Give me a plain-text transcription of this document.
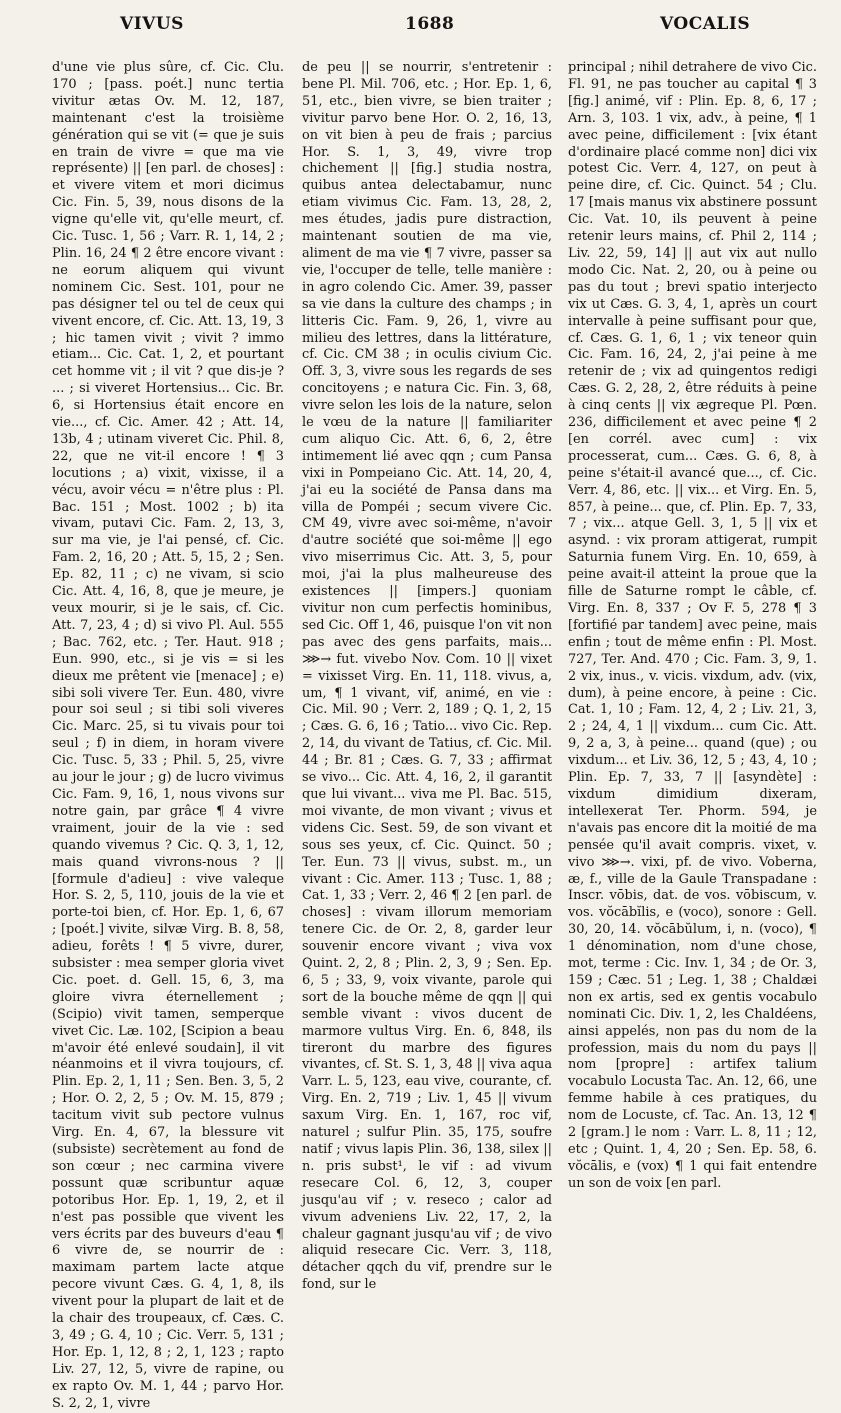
VIVUS	1688	VOCALIS

d'une vie plus sûre, cf. Cic. Clu. 170 ; [pass. poét.] nunc tertia vivitur ætas Ov. M. 12, 187, maintenant c'est la troisième génération qui se vit (= que je suis en train de vivre = que ma vie représente) || [en parl. de choses] : et vivere vitem et mori dicimus Cic. Fin. 5, 39, nous disons de la vigne qu'elle vit, qu'elle meurt, cf. Cic. Tusc. 1, 56 ; Varr. R. 1, 14, 2 ; Plin. 16, 24 ¶ 2 être encore vivant : ne eorum aliquem qui vivunt nominem Cic. Sest. 101, pour ne pas désigner tel ou tel de ceux qui vivent encore, cf. Cic. Att. 13, 19, 3 ; hic tamen vivit ; vivit ? immo etiam... Cic. Cat. 1, 2, et pourtant cet homme vit ; il vit ? que dis-je ? ... ; si viveret Hortensius... Cic. Br. 6, si Hortensius était encore en vie..., cf. Cic. Amer. 42 ; Att. 14, 13b, 4 ; utinam viveret Cic. Phil. 8, 22, que ne vit-il encore ! ¶ 3 locutions ; a) vixit, vixisse, il a vécu, avoir vécu = n'être plus : Pl. Bac. 151 ; Most. 1002 ; b) ita vivam, putavi Cic. Fam. 2, 13, 3, sur ma vie, je l'ai pensé, cf. Cic. Fam. 2, 16, 20 ; Att. 5, 15, 2 ; Sen. Ep. 82, 11 ; c) ne vivam, si scio Cic. Att. 4, 16, 8, que je meure, je veux mourir, si je le sais, cf. Cic. Att. 7, 23, 4 ; d) si vivo Pl. Aul. 555 ; Bac. 762, etc. ; Ter. Haut. 918 ; Eun. 990, etc., si je vis = si les dieux me prêtent vie [menace] ; e) sibi soli vivere Ter. Eun. 480, vivre pour soi seul ; si tibi soli viveres Cic. Marc. 25, si tu vivais pour toi seul ; f) in diem, in horam vivere Cic. Tusc. 5, 33 ; Phil. 5, 25, vivre au jour le jour ; g) de lucro vivimus Cic. Fam. 9, 16, 1, nous vivons sur notre gain, par grâce ¶ 4 vivre vraiment, jouir de la vie : sed quando vivemus ? Cic. Q. 3, 1, 12, mais quand vivrons-nous ? || [formule d'adieu] : vive valeque Hor. S. 2, 5, 110, jouis de la vie et porte-toi bien, cf. Hor. Ep. 1, 6, 67 ; [poét.] vivite, silvæ Virg. B. 8, 58, adieu, forêts ! ¶ 5 vivre, durer, subsister : mea semper gloria vivet Cic. poet. d. Gell. 15, 6, 3, ma gloire vivra éternellement ; (Scipio) vivit tamen, semperque vivet Cic. Læ. 102, [Scipion a beau m'avoir été enlevé soudain], il vit néanmoins et il vivra toujours, cf. Plin. Ep. 2, 1, 11 ; Sen. Ben. 3, 5, 2 ; Hor. O. 2, 2, 5 ; Ov. M. 15, 879 ; tacitum vivit sub pectore vulnus Virg. En. 4, 67, la blessure vit (subsiste) secrètement au fond de son cœur ; nec carmina vivere possunt quæ scribuntur aquæ potoribus Hor. Ep. 1, 19, 2, et il n'est pas possible que vivent les vers écrits par des buveurs d'eau ¶ 6 vivre de, se nourrir de : maximam partem lacte atque pecore vivunt Cæs. G. 4, 1, 8, ils vivent pour la plupart de lait et de la chair des troupeaux, cf. Cæs. C. 3, 49 ; G. 4, 10 ; Cic. Verr. 5, 131 ; Hor. Ep. 1, 12, 8 ; 2, 1, 123 ; rapto Liv. 27, 12, 5, vivre de rapine, ou ex rapto Ov. M. 1, 44 ; parvo Hor. S. 2, 2, 1, vivre

de peu || se nourrir, s'entretenir : bene Pl. Mil. 706, etc. ; Hor. Ep. 1, 6, 51, etc., bien vivre, se bien traiter ; vivitur parvo bene Hor. O. 2, 16, 13, on vit bien à peu de frais ; parcius Hor. S. 1, 3, 49, vivre trop chichement || [fig.] studia nostra, quibus antea delectabamur, nunc etiam vivimus Cic. Fam. 13, 28, 2, mes études, jadis pure distraction, maintenant soutien de ma vie, aliment de ma vie ¶ 7 vivre, passer sa vie, l'occuper de telle, telle manière : in agro colendo Cic. Amer. 39, passer sa vie dans la culture des champs ; in litteris Cic. Fam. 9, 26, 1, vivre au milieu des lettres, dans la littérature, cf. Cic. CM 38 ; in oculis civium Cic. Off. 3, 3, vivre sous les regards de ses concitoyens ; e natura Cic. Fin. 3, 68, vivre selon les lois de la nature, selon le vœu de la nature || familiariter cum aliquo Cic. Att. 6, 6, 2, être intimement lié avec qqn ; cum Pansa vixi in Pompeiano Cic. Att. 14, 20, 4, j'ai eu la société de Pansa dans ma villa de Pompéi ; secum vivere Cic. CM 49, vivre avec soi-même, n'avoir d'autre société que soi-même || ego vivo miserrimus Cic. Att. 3, 5, pour moi, j'ai la plus malheureuse des existences || [impers.] quoniam vivitur non cum perfectis hominibus, sed Cic. Off 1, 46, puisque l'on vit non pas avec des gens parfaits, mais... ⋙→ fut. vivebo Nov. Com. 10 || vixet = vixisset Virg. En. 11, 118. vivus, a, um, ¶ 1 vivant, vif, animé, en vie : Cic. Mil. 90 ; Verr. 2, 189 ; Q. 1, 2, 15 ; Cæs. G. 6, 16 ; Tatio... vivo Cic. Rep. 2, 14, du vivant de Tatius, cf. Cic. Mil. 44 ; Br. 81 ; Cæs. G. 7, 33 ; affirmat se vivo... Cic. Att. 4, 16, 2, il garantit que lui vivant... viva me Pl. Bac. 515, moi vivante, de mon vivant ; vivus et videns Cic. Sest. 59, de son vivant et sous ses yeux, cf. Cic. Quinct. 50 ; Ter. Eun. 73 || vivus, subst. m., un vivant : Cic. Amer. 113 ; Tusc. 1, 88 ; Cat. 1, 33 ; Verr. 2, 46 ¶ 2 [en parl. de choses] : vivam illorum memoriam tenere Cic. de Or. 2, 8, garder leur souvenir encore vivant ; viva vox Quint. 2, 2, 8 ; Plin. 2, 3, 9 ; Sen. Ep. 6, 5 ; 33, 9, voix vivante, parole qui sort de la bouche même de qqn || qui semble vivant : vivos ducent de marmore vultus Virg. En. 6, 848, ils tireront du marbre des figures vivantes, cf. St. S. 1, 3, 48 || viva aqua Varr. L. 5, 123, eau vive, courante, cf. Virg. En. 2, 719 ; Liv. 1, 45 || vivum saxum Virg. En. 1, 167, roc vif, naturel ; sulfur Plin. 35, 175, soufre natif ; vivus lapis Plin. 36, 138, silex || n. pris subst¹, le vif : ad vivum resecare Col. 6, 12, 3, couper jusqu'au vif ; v. reseco ; calor ad vivum adveniens Liv. 22, 17, 2, la chaleur gagnant jusqu'au vif ; de vivo aliquid resecare Cic. Verr. 3, 118, détacher qqch du vif, prendre sur le fond, sur le

principal ; nihil detrahere de vivo Cic. Fl. 91, ne pas toucher au capital ¶ 3 [fig.] animé, vif : Plin. Ep. 8, 6, 17 ; Arn. 3, 103. 1 vix, adv., à peine, ¶ 1 avec peine, difficilement : [vix étant d'ordinaire placé comme non] dici vix potest Cic. Verr. 4, 127, on peut à peine dire, cf. Cic. Quinct. 54 ; Clu. 17 [mais manus vix abstinere possunt Cic. Vat. 10, ils peuvent à peine retenir leurs mains, cf. Phil 2, 114 ; Liv. 22, 59, 14] || aut vix aut nullo modo Cic. Nat. 2, 20, ou à peine ou pas du tout ; brevi spatio interjecto vix ut Cæs. G. 3, 4, 1, après un court intervalle à peine suffisant pour que, cf. Cæs. G. 1, 6, 1 ; vix teneor quin Cic. Fam. 16, 24, 2, j'ai peine à me retenir de ; vix ad quingentos redigi Cæs. G. 2, 28, 2, être réduits à peine à cinq cents || vix ægreque Pl. Pœn. 236, difficilement et avec peine ¶ 2 [en corrél. avec cum] : vix processerat, cum... Cæs. G. 6, 8, à peine s'était-il avancé que..., cf. Cic. Verr. 4, 86, etc. || vix... et Virg. En. 5, 857, à peine... que, cf. Plin. Ep. 7, 33, 7 ; vix... atque Gell. 3, 1, 5 || vix et asynd. : vix proram attigerat, rumpit Saturnia funem Virg. En. 10, 659, à peine avait-il atteint la proue que la fille de Saturne rompt le câble, cf. Virg. En. 8, 337 ; Ov F. 5, 278 ¶ 3 [fortifié par tandem] avec peine, mais enfin ; tout de même enfin : Pl. Most. 727, Ter. And. 470 ; Cic. Fam. 3, 9, 1. 2 vix, inus., v. vicis. vixdum, adv. (vix, dum), à peine encore, à peine : Cic. Cat. 1, 10 ; Fam. 12, 4, 2 ; Liv. 21, 3, 2 ; 24, 4, 1 || vixdum... cum Cic. Att. 9, 2 a, 3, à peine... quand (que) ; ou vixdum... et Liv. 36, 12, 5 ; 43, 4, 10 ; Plin. Ep. 7, 33, 7 || [asyndète] : vixdum dimidium dixeram, intellexerat Ter. Phorm. 594, je n'avais pas encore dit la moitié de ma pensée qu'il avait compris. vixet, v. vivo ⋙→. vixi, pf. de vivo. Voberna, æ, f., ville de la Gaule Transpadane : Inscr. vōbis, dat. de vos. vōbiscum, v. vos. vŏcābĭlis, e (voco), sonore : Gell. 30, 20, 14. vŏcābŭlum, i, n. (voco), ¶ 1 dénomination, nom d'une chose, mot, terme : Cic. Inv. 1, 34 ; de Or. 3, 159 ; Cæc. 51 ; Leg. 1, 38 ; Chaldæi non ex artis, sed ex gentis vocabulo nominati Cic. Div. 1, 2, les Chaldéens, ainsi appelés, non pas du nom de la profession, mais du nom du pays || nom [propre] : artifex talium vocabulo Locusta Tac. An. 12, 66, une femme habile à ces pratiques, du nom de Locuste, cf. Tac. An. 13, 12 ¶ 2 [gram.] le nom : Varr. L. 8, 11 ; 12, etc ; Quint. 1, 4, 20 ; Sen. Ep. 58, 6. vŏcālis, e (vox) ¶ 1 qui fait entendre un son de voix [en parl.
